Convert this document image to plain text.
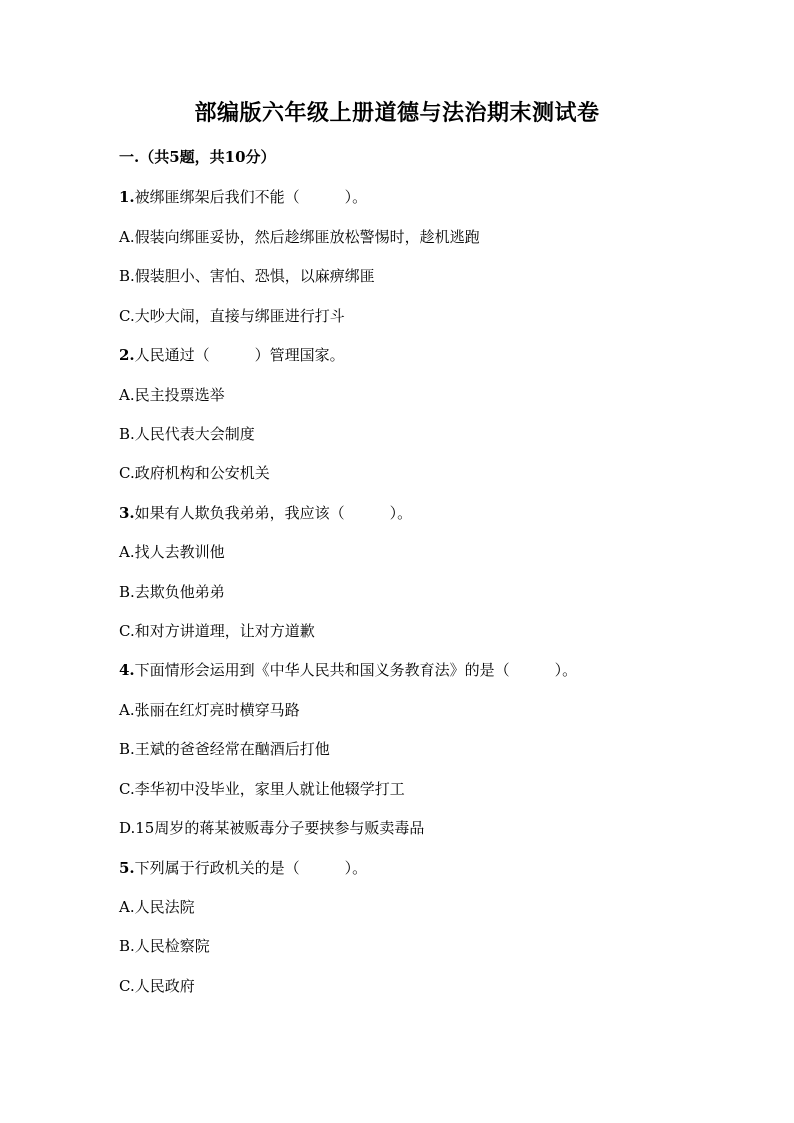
部编版六年级上册道德与法治期末测试卷
一.（共5题，共10分）
1.被绑匪绑架后我们不能（　　　）。
A.假装向绑匪妥协，然后趁绑匪放松警惕时，趁机逃跑
B.假装胆小、害怕、恐惧，以麻痹绑匪
C.大吵大闹，直接与绑匪进行打斗
2.人民通过（　　　）管理国家。
A.民主投票选举
B.人民代表大会制度
C.政府机构和公安机关
3.如果有人欺负我弟弟，我应该（　　　）。
A.找人去教训他
B.去欺负他弟弟
C.和对方讲道理，让对方道歉
4.下面情形会运用到《中华人民共和国义务教育法》的是（　　　）。
A.张丽在红灯亮时横穿马路
B.王斌的爸爸经常在酗酒后打他
C.李华初中没毕业，家里人就让他辍学打工
D.15周岁的蒋某被贩毒分子要挟参与贩卖毒品
5.下列属于行政机关的是（　　　）。
A.人民法院
B.人民检察院
C.人民政府
